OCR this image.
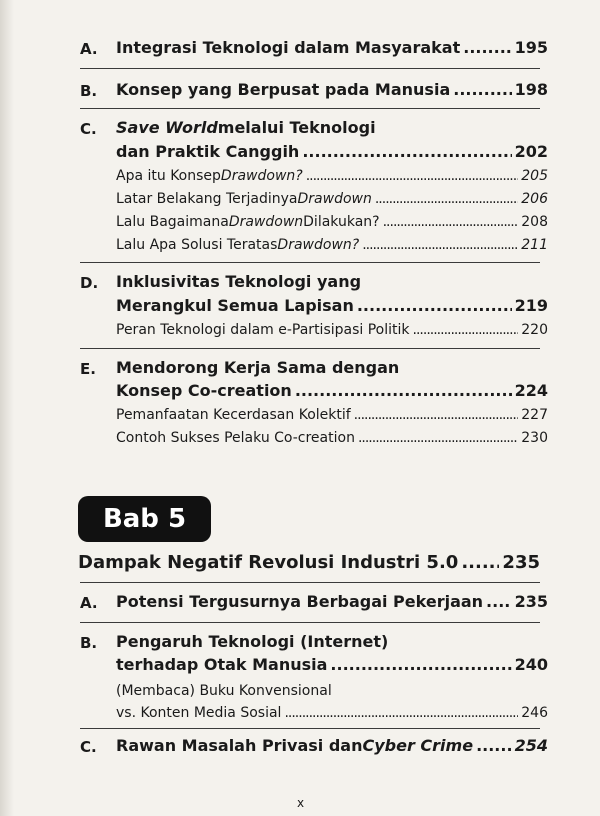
A. Integrasi Teknologi dalam Masyarakat .....	195
B. Konsep yang Berpusat pada Manusia .....	198
C. Save World melalui Teknologi
dan Praktik Canggih .....	202
Apa itu Konsep Drawdown? .....	205
Latar Belakang Terjadinya Drawdown .....	206
Lalu Bagaimana Drawdown Dilakukan? .....	208
Lalu Apa Solusi Teratas Drawdown? .....	211
D. Inklusivitas Teknologi yang
Merangkul Semua Lapisan .....	219
Peran Teknologi dalam e-Partisipasi Politik .....	220
E. Mendorong Kerja Sama dengan
Konsep Co-creation .....	224
Pemanfaatan Kecerdasan Kolektif .....	227
Contoh Sukses Pelaku Co-creation .....	230
Bab 5
Dampak Negatif Revolusi Industri 5.0 ..... 235
A. Potensi Tergusurnya Berbagai Pekerjaan ..... 235
B. Pengaruh Teknologi (Internet)
terhadap Otak Manusia .....	240
(Membaca) Buku Konvensional
vs. Konten Media Sosial .....	246
C. Rawan Masalah Privasi dan Cyber Crime .....	254
x
